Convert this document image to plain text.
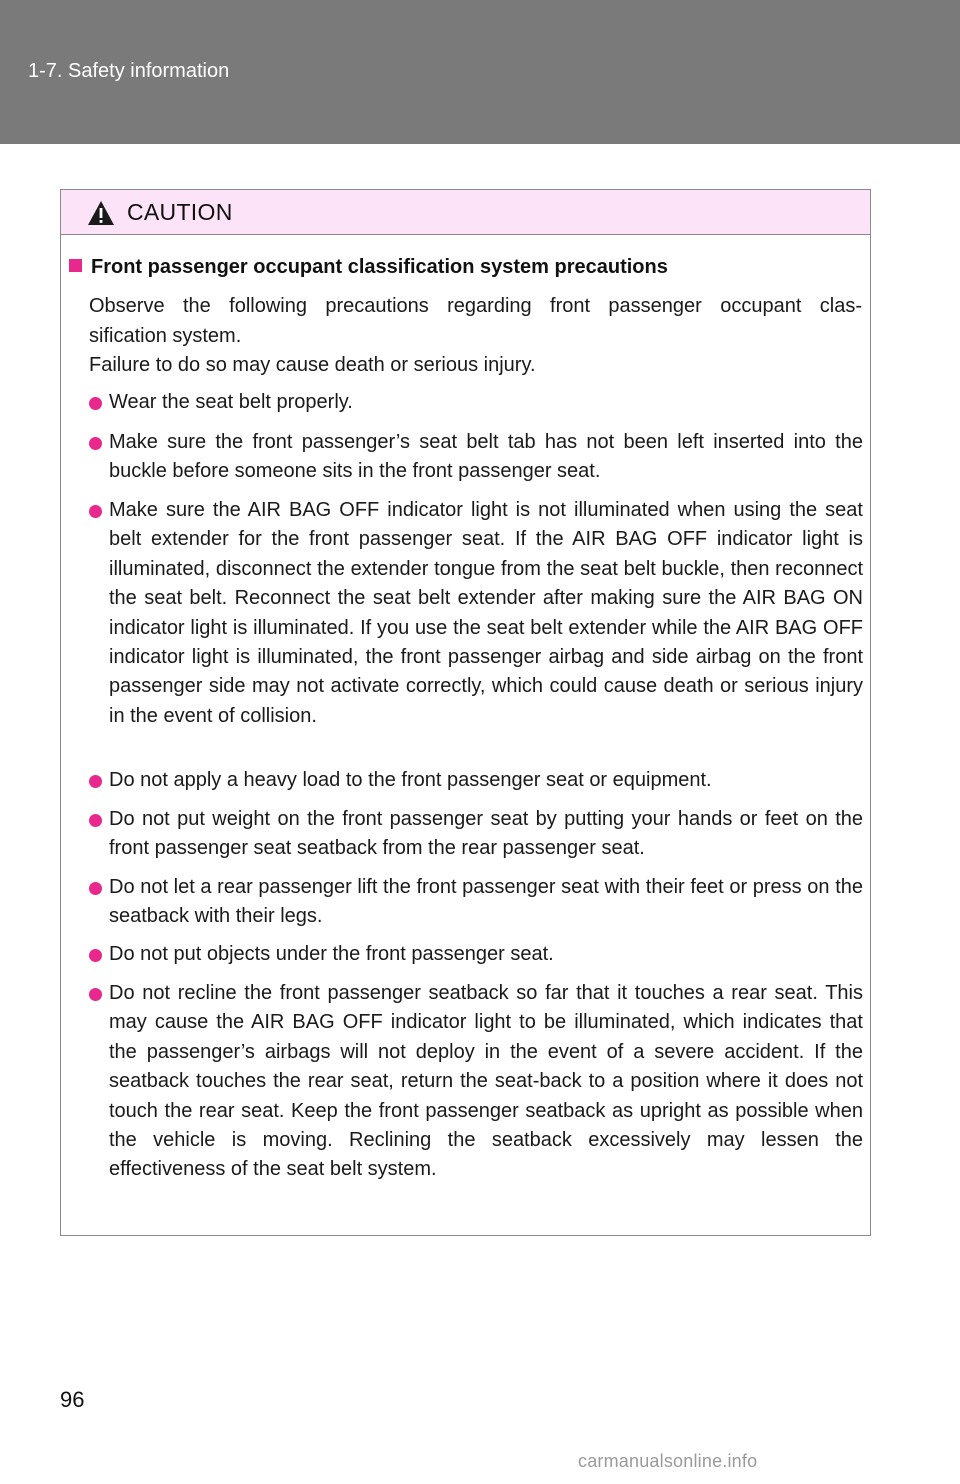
1-7. Safety information
CAUTION
Front passenger occupant classification system precautions
Observe the following precautions regarding front passenger occupant clas-
sification system.
Failure to do so may cause death or serious injury.
Wear the seat belt properly.
Make sure the front passenger’s seat belt tab has not been left inserted into the buckle before someone sits in the front passenger seat.
Make sure the AIR BAG OFF indicator light is not illuminated when using the seat belt extender for the front passenger seat. If the AIR BAG OFF indicator light is illuminated, disconnect the extender tongue from the seat belt buckle, then reconnect the seat belt. Reconnect the seat belt extender after making sure the AIR BAG ON indicator light is illuminated. If you use the seat belt extender while the AIR BAG OFF indicator light is illuminated, the front passenger airbag and side airbag on the front passenger side may not activate correctly, which could cause death or serious injury in the event of collision.
Do not apply a heavy load to the front passenger seat or equipment.
Do not put weight on the front passenger seat by putting your hands or feet on the front passenger seat seatback from the rear passenger seat.
Do not let a rear passenger lift the front passenger seat with their feet or press on the seatback with their legs.
Do not put objects under the front passenger seat.
Do not recline the front passenger seatback so far that it touches a rear seat. This may cause the AIR BAG OFF indicator light to be illuminated, which indicates that the passenger’s airbags will not deploy in the event of a severe accident. If the seatback touches the rear seat, return the seat-back to a position where it does not touch the rear seat. Keep the front passenger seatback as upright as possible when the vehicle is moving. Reclining the seatback excessively may lessen the effectiveness of the seat belt system.
96
carmanualsonline.info
